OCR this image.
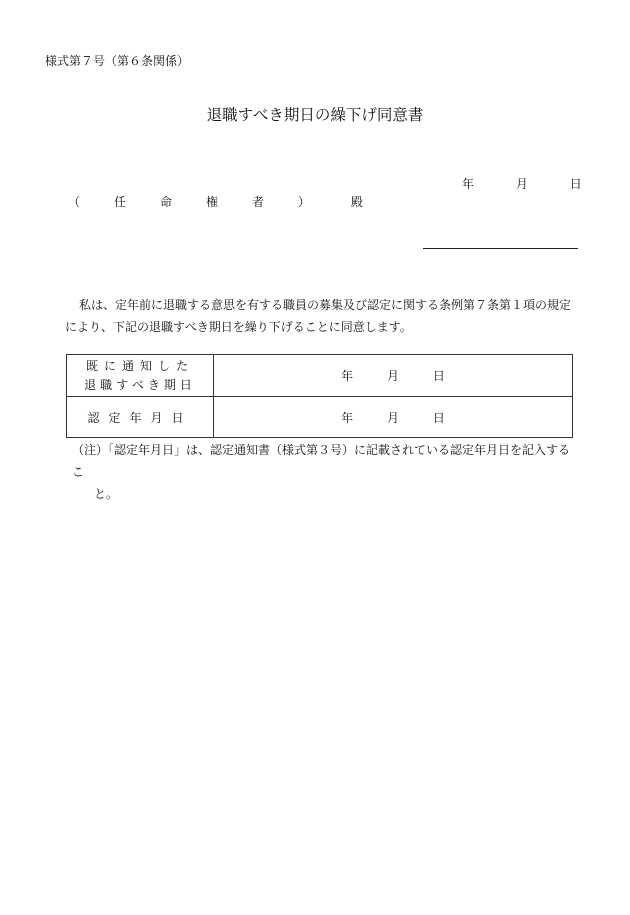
様式第７号（第６条関係）
退職すべき期日の繰下げ同意書
年	月	日
（　任　命　権　者　） 殿
私は、定年前に退職する意思を有する職員の募集及び認定に関する条例第７条第１項の規定により、下記の退職すべき期日を繰り下げることに同意します。
既に通知した
退職すべき期日	年 月 日
認定年月日	年 月 日
（注）「認定年月日」は、認定通知書（様式第３号）に記載されている認定年月日を記入するこ
と。
